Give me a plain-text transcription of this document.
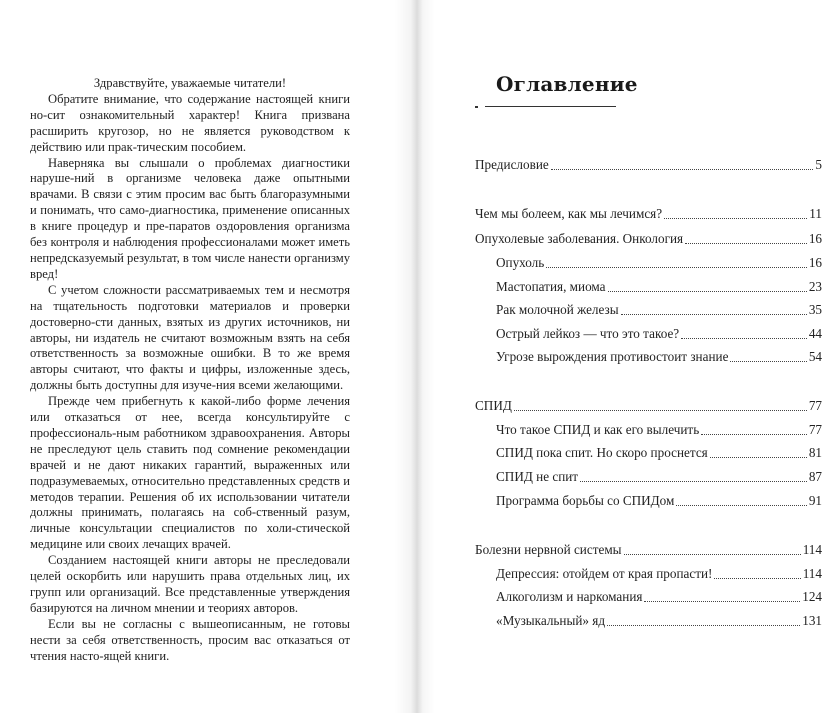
Здравствуйте, уважаемые читатели!

Обратите внимание, что содержание настоящей книги но-сит ознакомительный характер! Книга призвана расширить кругозор, но не является руководством к действию или прак-тическим пособием.

Наверняка вы слышали о проблемах диагностики наруше-ний в организме человека даже опытными врачами. В связи с этим просим вас быть благоразумными и понимать, что само-диагностика, применение описанных в книге процедур и пре-паратов оздоровления организма без контроля и наблюдения профессионалами может иметь непредсказуемый результат, в том числе нанести организму вред!

С учетом сложности рассматриваемых тем и несмотря на тщательность подготовки материалов и проверки достоверно-сти данных, взятых из других источников, ни авторы, ни издатель не считают возможным взять на себя ответственность за возможные ошибки. В то же время авторы считают, что факты и цифры, изложенные здесь, должны быть доступны для изуче-ния всеми желающими.

Прежде чем прибегнуть к какой-либо форме лечения или отказаться от нее, всегда консультируйте с профессиональ-ным работником здравоохранения. Авторы не преследуют цель ставить под сомнение рекомендации врачей и не дают никаких гарантий, выраженных или подразумеваемых, относительно представленных средств и методов терапии. Решения об их использовании читатели должны принимать, полагаясь на соб-ственный разум, личные консультации специалистов по холи-стической медицине или своих лечащих врачей.

Созданием настоящей книги авторы не преследовали целей оскорбить или нарушить права отдельных лиц, их групп или организаций. Все представленные утверждения базируются на личном мнении и теориях авторов.

Если вы не согласны с вышеописанным, не готовы нести за себя ответственность, просим вас отказаться от чтения насто-ящей книги.

Оглавление
Предисловие	5
Чем мы болеем, как мы лечимся?	11
Опухолевые заболевания. Онкология	16
Опухоль	16
Мастопатия, миома	23
Рак молочной железы	35
Острый лейкоз — что это такое?	44
Угрозе вырождения противостоит знание	54
СПИД	77
Что такое СПИД и как его вылечить	77
СПИД пока спит. Но скоро проснется	81
СПИД не спит	87
Программа борьбы со СПИДом	91
Болезни нервной системы	114
Депрессия: отойдем от края пропасти!	114
Алкоголизм и наркомания	124
«Музыкальный» яд	131
